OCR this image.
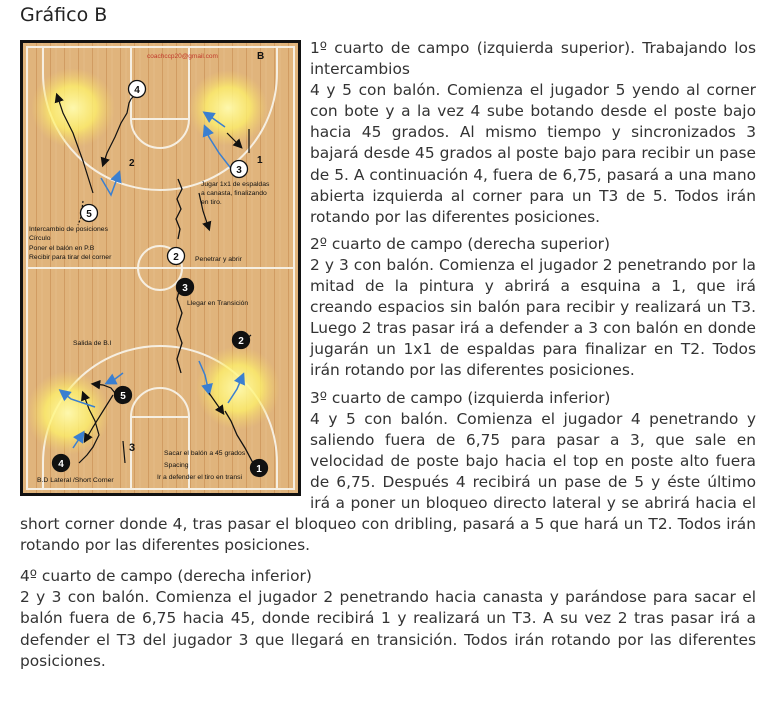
Gráfico B
coachccp20@gmail.com	B
4
3
5
2
3
2
5
4	1
2	1
3
Jugar 1x1 de espaldas
a canasta, finalizando
en tiro.
Intercambio de posiciones
Círculo
Poner el balón en P.B
Recibir para tirar del corner	Penetrar y abrir
Llegar en Transición
Salida de B.I
Sacar el balón a 45 grados
Spacing
Ir a defender el tiro en transi
B.D Lateral /Short Corner
1º cuarto de campo (izquierda superior). Trabajando los intercambios
4 y 5 con balón. Comienza el jugador 5 yendo al corner con bote y a la vez 4 sube botando desde el poste bajo hacia 45 grados. Al mismo tiempo y sincronizados 3 bajará desde 45 grados al poste bajo para recibir un pase de 5. A continuación 4, fuera de 6,75, pasará a una mano abierta izquierda al corner para un T3 de 5. Todos irán rotando por las diferentes posiciones.
2º cuarto de campo (derecha superior)
2 y 3 con balón. Comienza el jugador 2 penetrando por la mitad de la pintura y abrirá a esquina a 1, que irá creando espacios sin balón para recibir y realizará un T3. Luego 2 tras pasar irá a defender a 3 con balón en donde jugarán un 1x1 de espaldas para finalizar en T2. Todos irán rotando por las diferentes posiciones.
3º cuarto de campo (izquierda inferior)
4 y 5 con balón. Comienza el jugador 4 penetrando y saliendo fuera de 6,75 para pasar a 3, que sale en velocidad de poste bajo hacia el top en poste alto fuera de 6,75. Después 4 recibirá un pase de 5 y éste último irá a poner un bloqueo directo lateral y se abrirá hacia el short corner donde 4, tras pasar el bloqueo con dribling, pasará a 5 que hará un T2. Todos irán rotando por las diferentes posiciones.
4º cuarto de campo (derecha inferior)
2 y 3 con balón. Comienza el jugador 2 penetrando hacia canasta y parándose para sacar el balón fuera de 6,75 hacia 45, donde recibirá 1 y realizará un T3. A su vez 2 tras pasar irá a defender el T3 del jugador 3 que llegará en transición. Todos irán rotando por las diferentes posiciones.
